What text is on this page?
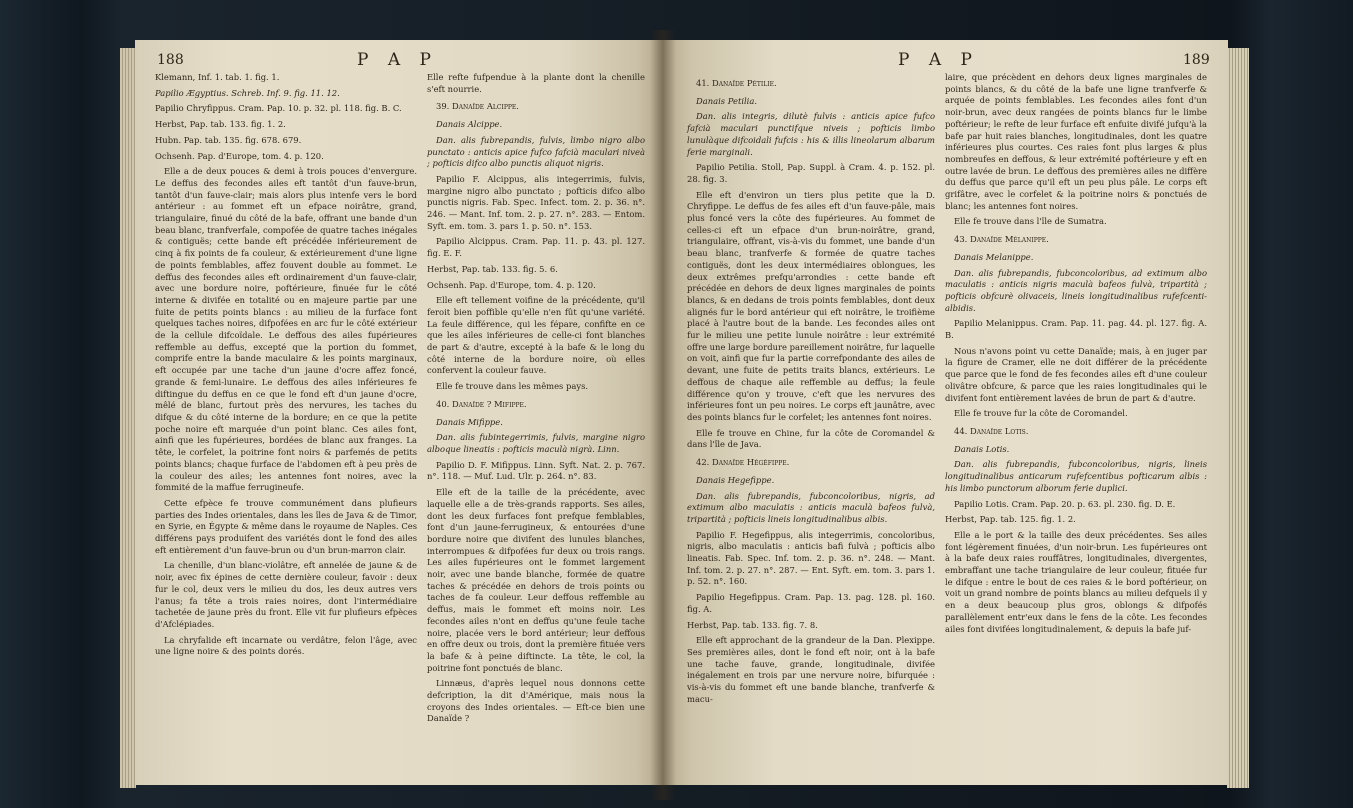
188	P A P

Klemann, Inf. 1. tab. 1. fig. 1.

Papilio Ægyptius. Schreb. Inf. 9. fig. 11. 12.

Papilio Chryfippus. Cram. Pap. 10. p. 32. pl. 118. fig. B. C.

Herbst, Pap. tab. 133. fig. 1. 2.

Hubn. Pap. tab. 135. fig. 678. 679.

Ochsenh. Pap. d'Europe, tom. 4. p. 120.

Elle a de deux pouces & demi à trois pouces d'envergure. Le deffus des fecondes ailes eft tantôt d'un fauve-brun, tantôt d'un fauve-clair; mais alors plus intenfe vers le bord antérieur : au fommet eft un efpace noirâtre, grand, triangulaire, finué du côté de la bafe, offrant une bande d'un beau blanc, tranfverfale, compofée de quatre taches inégales & contiguës; cette bande eft précédée inférieurement de cinq à fix points de fa couleur, & extérieurement d'une ligne de points femblables, affez fouvent double au fommet. Le deffus des fecondes ailes eft ordinairement d'un fauve-clair, avec une bordure noire, poftérieure, finuée fur le côté interne & divifée en totalité ou en majeure partie par une fuite de petits points blancs : au milieu de la furface font quelques taches noires, difpofées en arc fur le côté extérieur de la cellule difcoïdale. Le deffous des ailes fupérieures reffemble au deffus, excepté que la portion du fommet, comprife entre la bande maculaire & les points marginaux, eft occupée par une tache d'un jaune d'ocre affez foncé, grande & femi-lunaire. Le deffous des ailes inférieures fe diftingue du deffus en ce que le fond eft d'un jaune d'ocre, mêlé de blanc, furtout près des nervures, les taches du difque & du côté interne de la bordure; en ce que la petite poche noire eft marquée d'un point blanc. Ces ailes font, ainfi que les fupérieures, bordées de blanc aux franges. La tête, le corfelet, la poitrine font noirs & parfemés de petits points blancs; chaque furface de l'abdomen eft à peu près de la couleur des ailes; les antennes font noires, avec la fommité de la maffue ferrugineufe.

Cette efpèce fe trouve communément dans plufieurs parties des Indes orientales, dans les îles de Java & de Timor, en Syrie, en Égypte & même dans le royaume de Naples. Ces différens pays produifent des variétés dont le fond des ailes eft entièrement d'un fauve-brun ou d'un brun-marron clair.

La chenille, d'un blanc-violâtre, eft annelée de jaune & de noir, avec fix épines de cette dernière couleur, favoir : deux fur le col, deux vers le milieu du dos, les deux autres vers l'anus; fa tête a trois raies noires, dont l'intermédiaire tachetée de jaune près du front. Elle vit fur plufieurs efpèces d'Afclépiades.

La chryfalide eft incarnate ou verdâtre, felon l'âge, avec une ligne noire & des points dorés.

Elle refte fufpendue à la plante dont la chenille s'eft nourrie.

39. Danaïde Alcippe.

Danais Alcippe.

Dan. alis fubrepandis, fulvis, limbo nigro albo punctato : anticis apice fufco fafcià maculari niveà ; pofticis difco albo punctis aliquot nigris.

Papilio F. Alcippus, alis integerrimis, fulvis, margine nigro albo punctato ; pofticis difco albo punctis nigris. Fab. Spec. Infect. tom. 2. p. 36. n°. 246. — Mant. Inf. tom. 2. p. 27. n°. 283. — Entom. Syft. em. tom. 3. pars 1. p. 50. n°. 153.

Papilio Alcippus. Cram. Pap. 11. p. 43. pl. 127. fig. E. F.

Herbst, Pap. tab. 133. fig. 5. 6.

Ochsenh. Pap. d'Europe, tom. 4. p. 120.

Elle eft tellement voifine de la précédente, qu'il feroit bien poffible qu'elle n'en fût qu'une variété. La feule différence, qui les fépare, confifte en ce que les ailes inférieures de celle-ci font blanches de part & d'autre, excepté à la bafe & le long du côté interne de la bordure noire, où elles confervent la couleur fauve.

Elle fe trouve dans les mêmes pays.

40. Danaïde ? Mifippe.

Danais Mifippe.

Dan. alis fubintegerrimis, fulvis, margine nigro alboque lineatis : pofticis maculà nigrà. Linn.

Papilio D. F. Mifippus. Linn. Syft. Nat. 2. p. 767. n°. 118. — Muf. Lud. Ulr. p. 264. n°. 83.

Elle eft de la taille de la précédente, avec laquelle elle a de très-grands rapports. Ses ailes, dont les deux furfaces font prefque femblables, font d'un jaune-ferrugineux, & entourées d'une bordure noire que divifent des lunules blanches, interrompues & difpofées fur deux ou trois rangs. Les ailes fupérieures ont le fommet largement noir, avec une bande blanche, formée de quatre taches & précédée en dehors de trois points ou taches de fa couleur. Leur deffous reffemble au deffus, mais le fommet eft moins noir. Les fecondes ailes n'ont en deffus qu'une feule tache noire, placée vers le bord antérieur; leur deffous en offre deux ou trois, dont la première fituée vers la bafe & à peine diftincte. La tête, le col, la poitrine font ponctués de blanc.

Linnæus, d'après lequel nous donnons cette defcription, la dit d'Amérique, mais nous la croyons des Indes orientales. — Eft-ce bien une Danaïde ?

P A P	189

41. Danaïde Pétilie.

Danais Petilia.

Dan. alis integris, dilutè fulvis : anticis apice fufco fafcià maculari punctifque niveis ; pofticis limbo lunulàque difcoidali fufcis : his & illis lineolarum albarum ferie marginali.

Papilio Petilia. Stoll, Pap. Suppl. à Cram. 4. p. 152. pl. 28. fig. 3.

Elle eft d'environ un tiers plus petite que la D. Chryfippe. Le deffus de fes ailes eft d'un fauve-pâle, mais plus foncé vers la côte des fupérieures. Au fommet de celles-ci eft un efpace d'un brun-noirâtre, grand, triangulaire, offrant, vis-à-vis du fommet, une bande d'un beau blanc, tranfverfe & formée de quatre taches contiguës, dont les deux intermédiaires oblongues, les deux extrêmes prefqu'arrondies : cette bande eft précédée en dehors de deux lignes marginales de points blancs, & en dedans de trois points femblables, dont deux alignés fur le bord antérieur qui eft noirâtre, le troifième placé à l'autre bout de la bande. Les fecondes ailes ont fur le milieu une petite lunule noirâtre : leur extrémité offre une large bordure pareillement noirâtre, fur laquelle on voit, ainfi que fur la partie correfpondante des ailes de devant, une fuite de petits traits blancs, extérieurs. Le deffous de chaque aile reffemble au deffus; la feule différence qu'on y trouve, c'eft que les nervures des inférieures font un peu noires. Le corps eft jaunâtre, avec des points blancs fur le corfelet; les antennes font noires.

Elle fe trouve en Chine, fur la côte de Coromandel & dans l'île de Java.

42. Danaïde Hégéfippe.

Danais Hegefippe.

Dan. alis fubrepandis, fubconcoloribus, nigris, ad extimum albo maculatis : anticis maculà bafeos fulvà, tripartità ; pofticis lineis longitudinalibus albis.

Papilio F. Hegefippus, alis integerrimis, concoloribus, nigris, albo maculatis : anticis bafi fulvà ; pofticis albo lineatis. Fab. Spec. Inf. tom. 2. p. 36. n°. 248. — Mant. Inf. tom. 2. p. 27. n°. 287. — Ent. Syft. em. tom. 3. pars 1. p. 52. n°. 160.

Papilio Hegefippus. Cram. Pap. 13. pag. 128. pl. 160. fig. A.

Herbst, Pap. tab. 133. fig. 7. 8.

Elle eft approchant de la grandeur de la Dan. Plexippe. Ses premières ailes, dont le fond eft noir, ont à la bafe une tache fauve, grande, longitudinale, divifée inégalement en trois par une nervure noire, bifurquée : vis-à-vis du fommet eft une bande blanche, tranfverfe & macu-

laire, que précèdent en dehors deux lignes marginales de points blancs, & du côté de la bafe une ligne tranfverfe & arquée de points femblables. Les fecondes ailes font d'un noir-brun, avec deux rangées de points blancs fur le limbe poftérieur; le refte de leur furface eft enfuite divifé jufqu'à la bafe par huit raies blanches, longitudinales, dont les quatre inférieures plus courtes. Ces raies font plus larges & plus nombreufes en deffous, & leur extrémité poftérieure y eft en outre lavée de brun. Le deffous des premières ailes ne diffère du deffus que parce qu'il eft un peu plus pâle. Le corps eft grifâtre, avec le corfelet & la poitrine noirs & ponctués de blanc; les antennes font noires.

Elle fe trouve dans l'île de Sumatra.

43. Danaïde Mélanippe.

Danais Melanippe.

Dan. alis fubrepandis, fubconcoloribus, ad extimum albo maculatis : anticis nigris maculà bafeos fulvà, tripartità ; pofticis obfcurè olivaceis, lineis longitudinalibus rufefcenti-albidis.

Papilio Melanippus. Cram. Pap. 11. pag. 44. pl. 127. fig. A. B.

Nous n'avons point vu cette Danaïde; mais, à en juger par la figure de Cramer, elle ne doit différer de la précédente que parce que le fond de fes fecondes ailes eft d'une couleur olivâtre obfcure, & parce que les raies longitudinales qui le divifent font entièrement lavées de brun de part & d'autre.

Elle fe trouve fur la côte de Coromandel.

44. Danaïde Lotis.

Danais Lotis.

Dan. alis fubrepandis, fubconcoloribus, nigris, lineis longitudinalibus anticarum rufefcentibus pofticarum albis : his limbo punctorum alborum ferie duplici.

Papilio Lotis. Cram. Pap. 20. p. 63. pl. 230. fig. D. E.

Herbst, Pap. tab. 125. fig. 1. 2.

Elle a le port & la taille des deux précédentes. Ses ailes font légèrement finuées, d'un noir-brun. Les fupérieures ont à la bafe deux raies rouffâtres, longitudinales, divergentes, embraffant une tache triangulaire de leur couleur, fituée fur le difque : entre le bout de ces raies & le bord poftérieur, on voit un grand nombre de points blancs au milieu defquels il y en a deux beaucoup plus gros, oblongs & difpofés parallèlement entr'eux dans le fens de la côte. Les fecondes ailes font divifées longitudinalement, & depuis la bafe juf-
